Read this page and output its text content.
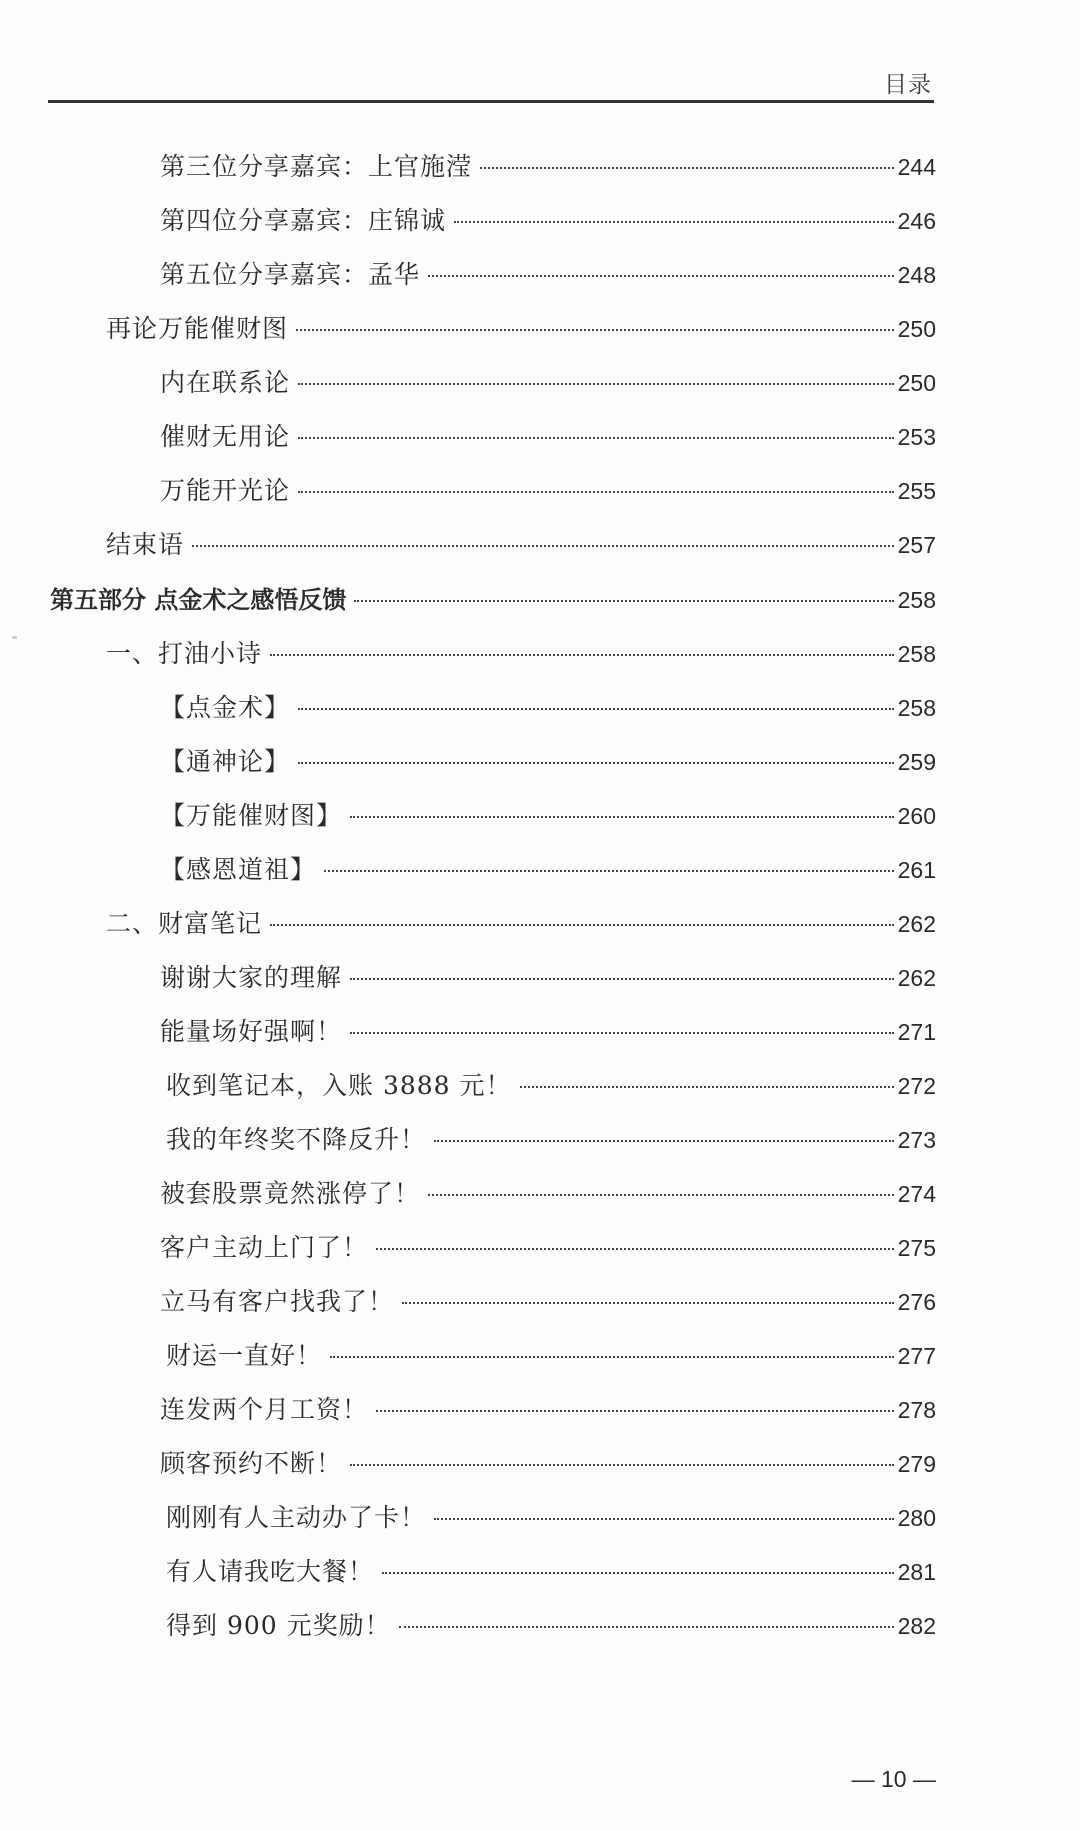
目录
第三位分享嘉宾：上官施滢	244
第四位分享嘉宾：庄锦诚	246
第五位分享嘉宾：孟华	248
再论万能催财图	250
内在联系论	250
催财无用论	253
万能开光论	255
结束语	257
第五部分 点金术之感悟反馈	258
一、打油小诗	258
【点金术】	258
【通神论】	259
【万能催财图】	260
【感恩道祖】	261
二、财富笔记	262
谢谢大家的理解	262
能量场好强啊！	271
收到笔记本，入账 3888 元！	272
我的年终奖不降反升！	273
被套股票竟然涨停了！	274
客户主动上门了！	275
立马有客户找我了！	276
财运一直好！	277
连发两个月工资！	278
顾客预约不断！	279
刚刚有人主动办了卡！	280
有人请我吃大餐！	281
得到 900 元奖励！	282
— 10 —
